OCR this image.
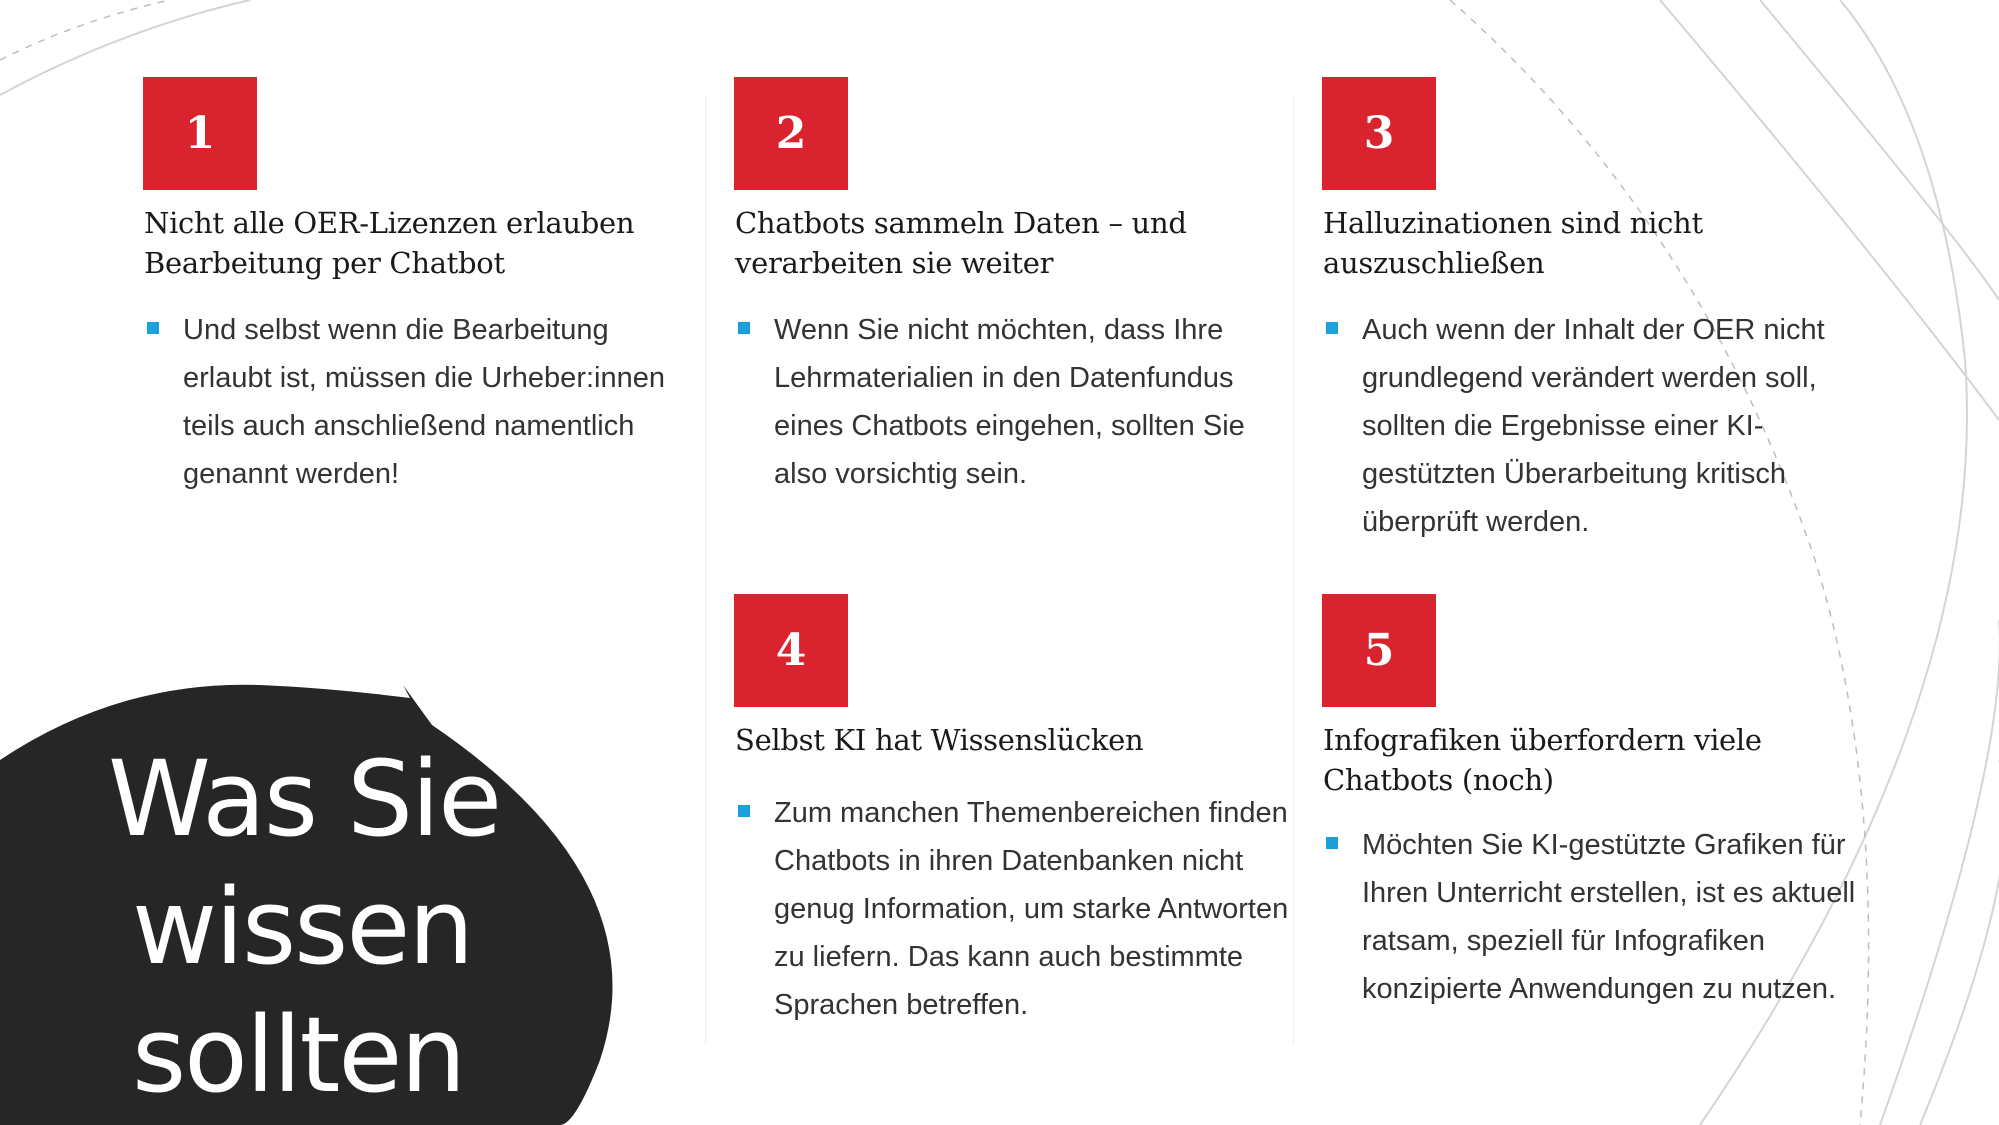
Was Sie
wissen
sollten
1
Nicht alle OER-Lizenzen erlauben Bearbeitung per Chatbot
Und selbst wenn die Bearbeitung erlaubt ist, müssen die Urheber:innen teils auch anschließend namentlich genannt werden!
2
Chatbots sammeln Daten – und verarbeiten sie weiter
Wenn Sie nicht möchten, dass Ihre Lehrmaterialien in den Datenfundus eines Chatbots eingehen, sollten Sie also vorsichtig sein.
3
Halluzinationen sind nicht auszuschließen
Auch wenn der Inhalt der OER nicht grundlegend verändert werden soll, sollten die Ergebnisse einer KI-gestützten Überarbeitung kritisch überprüft werden.
4
Selbst KI hat Wissenslücken
Zum manchen Themenbereichen finden Chatbots in ihren Datenbanken nicht genug Information, um starke Antworten zu liefern. Das kann auch bestimmte Sprachen betreffen.
5
Infografiken überfordern viele Chatbots (noch)
Möchten Sie KI-gestützte Grafiken für Ihren Unterricht erstellen, ist es aktuell ratsam, speziell für Infografiken konzipierte Anwendungen zu nutzen.
